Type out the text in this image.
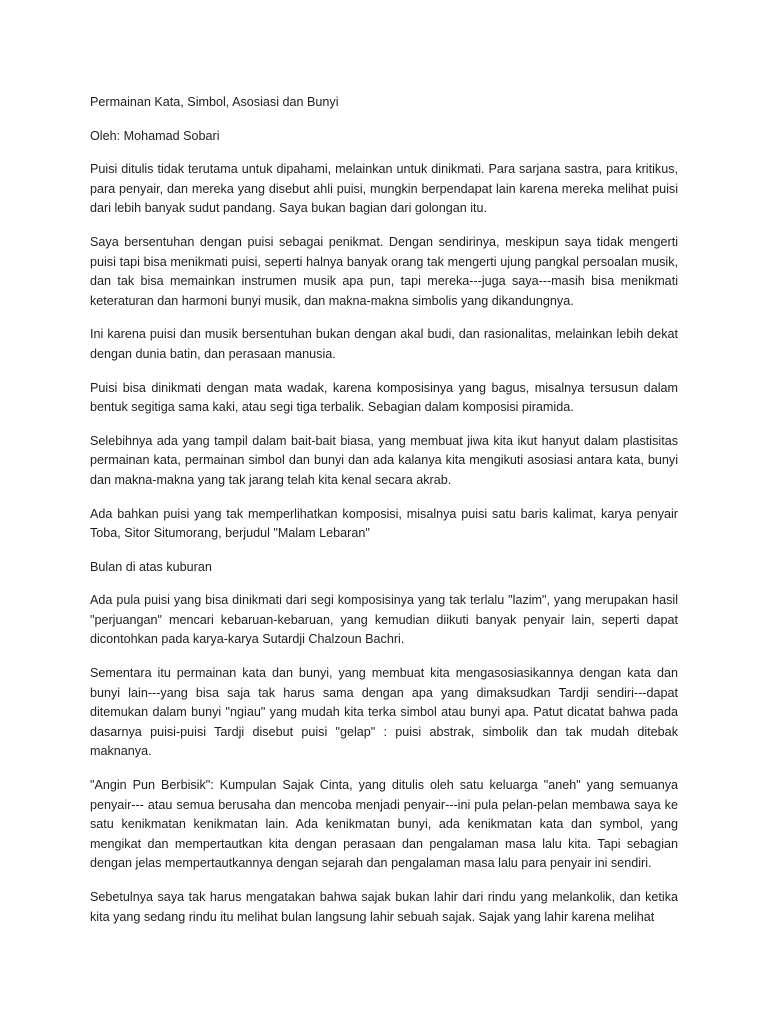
Permainan Kata, Simbol, Asosiasi dan Bunyi

Oleh: Mohamad Sobari

Puisi ditulis tidak terutama untuk dipahami, melainkan untuk dinikmati. Para sarjana sastra, para kritikus, para penyair, dan mereka yang disebut ahli puisi, mungkin berpendapat lain karena mereka melihat puisi dari lebih banyak sudut pandang. Saya bukan bagian dari golongan itu.

Saya bersentuhan dengan puisi sebagai penikmat. Dengan sendirinya, meskipun saya tidak mengerti puisi tapi bisa menikmati puisi, seperti halnya banyak orang tak mengerti ujung pangkal persoalan musik, dan tak bisa memainkan instrumen musik apa pun, tapi mereka---juga saya---masih bisa menikmati keteraturan dan harmoni bunyi musik, dan makna-makna simbolis yang dikandungnya.

Ini karena puisi dan musik bersentuhan bukan dengan akal budi, dan rasionalitas, melainkan lebih dekat dengan dunia batin, dan perasaan manusia.

Puisi bisa dinikmati dengan mata wadak, karena komposisinya yang bagus, misalnya tersusun dalam bentuk segitiga sama kaki, atau segi tiga terbalik. Sebagian dalam komposisi piramida.

Selebihnya ada yang tampil dalam bait-bait biasa, yang membuat jiwa kita ikut hanyut dalam plastisitas permainan kata, permainan simbol dan bunyi dan ada kalanya kita mengikuti asosiasi antara kata, bunyi dan makna-makna yang tak jarang telah kita kenal secara akrab.

Ada bahkan puisi yang tak memperlihatkan komposisi, misalnya puisi satu baris kalimat, karya penyair Toba, Sitor Situmorang, berjudul "Malam Lebaran"

Bulan di atas kuburan

Ada pula puisi yang bisa dinikmati dari segi komposisinya yang tak terlalu "lazim", yang merupakan hasil "perjuangan" mencari kebaruan-kebaruan, yang kemudian diikuti banyak penyair lain, seperti dapat dicontohkan pada karya-karya Sutardji Chalzoun Bachri.

Sementara itu permainan kata dan bunyi, yang membuat kita mengasosiasikannya dengan kata dan bunyi lain---yang bisa saja tak harus sama dengan apa yang dimaksudkan Tardji sendiri---dapat ditemukan dalam bunyi "ngiau" yang mudah kita terka simbol atau bunyi apa. Patut dicatat bahwa pada dasarnya puisi-puisi Tardji disebut puisi "gelap" : puisi abstrak, simbolik dan tak mudah ditebak maknanya.

"Angin Pun Berbisik": Kumpulan Sajak Cinta, yang ditulis oleh satu keluarga "aneh" yang semuanya penyair--- atau semua berusaha dan mencoba menjadi penyair---ini pula pelan-pelan membawa saya ke satu kenikmatan kenikmatan lain. Ada kenikmatan bunyi, ada kenikmatan kata dan symbol, yang mengikat dan mempertautkan kita dengan perasaan dan pengalaman masa lalu kita. Tapi sebagian dengan jelas mempertautkannya dengan sejarah dan pengalaman masa lalu para penyair ini sendiri.

Sebetulnya saya tak harus mengatakan bahwa sajak bukan lahir dari rindu yang melankolik, dan ketika kita yang sedang rindu itu melihat bulan langsung lahir sebuah sajak. Sajak yang lahir karena melihat
